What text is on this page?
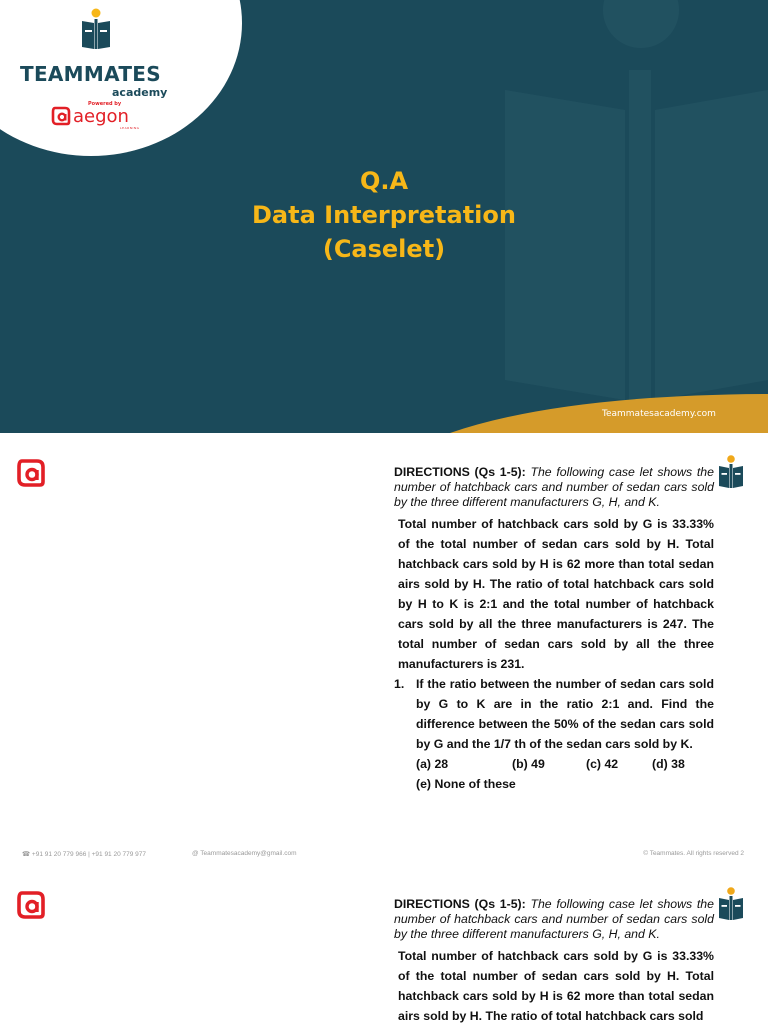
TEAMMATES
academy
Powered by
aegon
LEARNING
Q.A
Data Interpretation
(Caselet)
Teammatesacademy.com

DIRECTIONS (Qs 1-5): The following case let shows the number of hatchback cars and number of sedan cars sold by the three different manufacturers G, H, and K.

Total number of hatchback cars sold by G is 33.33% of the total number of sedan cars sold by H. Total hatchback cars sold by H is 62 more than total sedan airs sold by H. The ratio of total hatchback cars sold by H to K is 2:1 and the total number of hatchback cars sold by all the three manufacturers is 247. The total number of sedan cars sold by all the three manufacturers is 231.

1. If the ratio between the number of sedan cars sold by G to K are in the ratio 2:1 and. Find the difference between the 50% of the sedan cars sold by G and the 1/7 th of the sedan cars sold by K.
(a) 28	(b) 49	(c) 42	(d) 38
(e) None of these
☎ +91 91 20 779 966 | +91 91 20 779 977	@ Teammatesacademy@gmail.com	© Teammates. All rights reserved 2

DIRECTIONS (Qs 1-5): The following case let shows the number of hatchback cars and number of sedan cars sold by the three different manufacturers G, H, and K.

Total number of hatchback cars sold by G is 33.33% of the total number of sedan cars sold by H. Total hatchback cars sold by H is 62 more than total sedan airs sold by H. The ratio of total hatchback cars sold
